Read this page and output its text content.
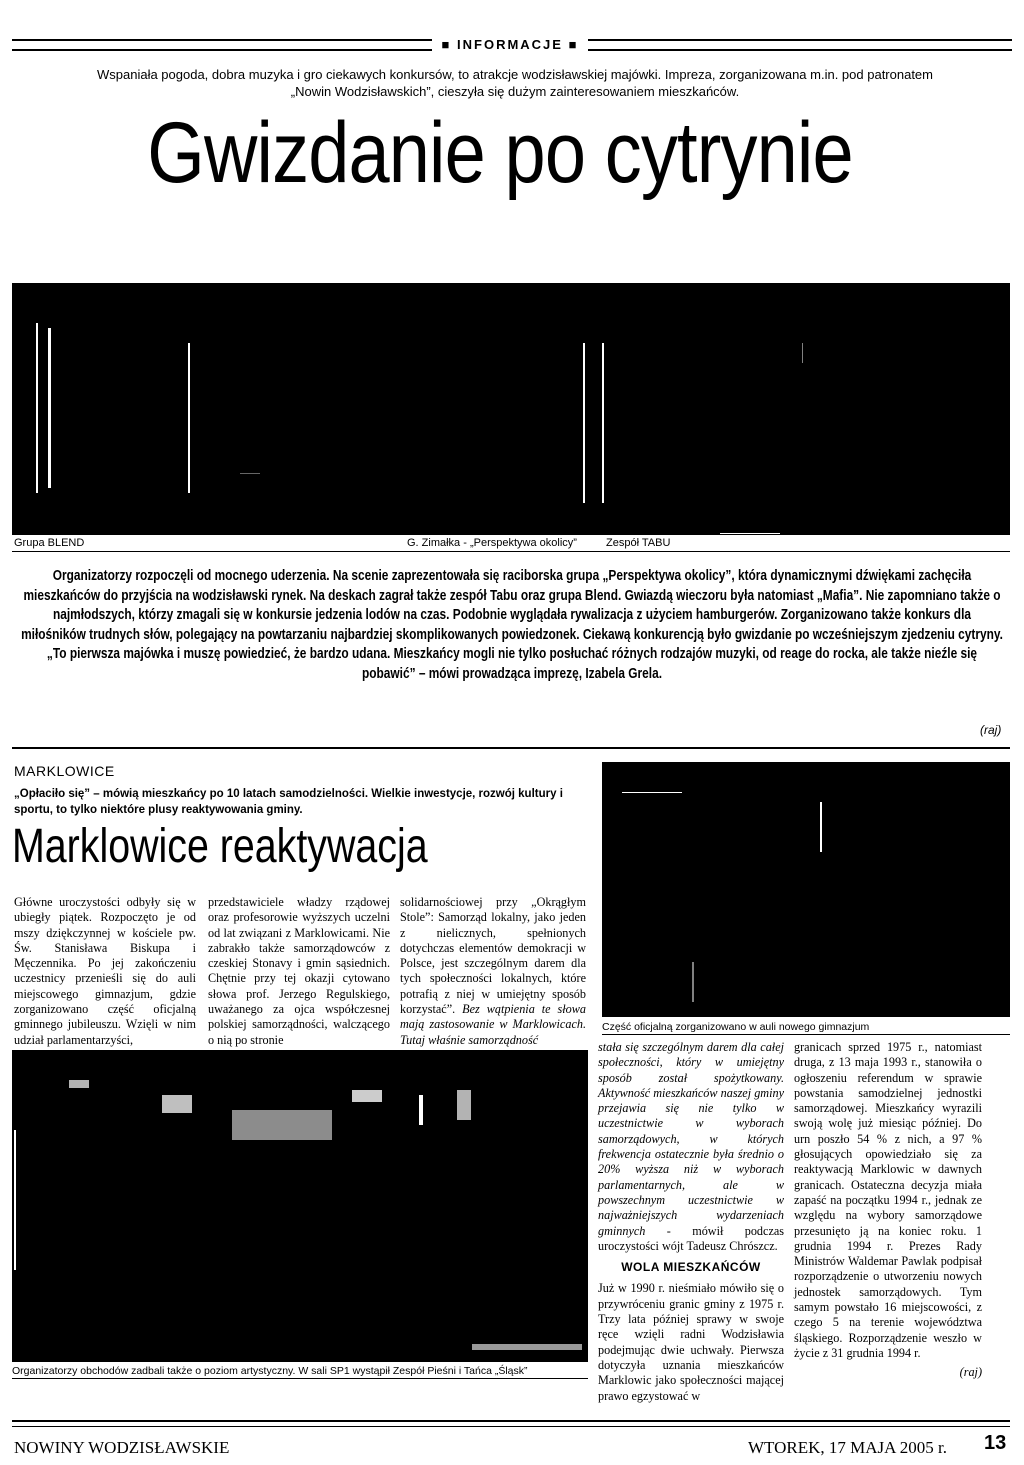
■ INFORMACJE ■
Wspaniała pogoda, dobra muzyka i gro ciekawych konkursów, to atrakcje wodzisławskiej majówki. Impreza, zorganizowana m.in. pod patronatem „Nowin Wodzisławskich”, cieszyła się dużym zainteresowaniem mieszkańców.
Gwizdanie po cytrynie
Grupa BLEND	G. Zimałka - „Perspektywa okolicy”	Zespół TABU
Organizatorzy rozpoczęli od mocnego uderzenia. Na scenie zaprezentowała się raciborska grupa „Perspektywa okolicy”, która dynamicznymi dźwiękami zachęciła mieszkańców do przyjścia na wodzisławski rynek. Na deskach zagrał także zespół Tabu oraz grupa Blend. Gwiazdą wieczoru była natomiast „Mafia”. Nie zapomniano także o najmłodszych, którzy zmagali się w konkursie jedzenia lodów na czas. Podobnie wyglądała rywalizacja z użyciem hamburgerów. Zorganizowano także konkurs dla miłośników trudnych słów, polegający na powtarzaniu najbardziej skomplikowanych powiedzonek. Ciekawą konkurencją było gwizdanie po wcześniejszym zjedzeniu cytryny. „To pierwsza majówka i muszę powiedzieć, że bardzo udana. Mieszkańcy mogli nie tylko posłuchać różnych rodzajów muzyki, od reage do rocka, ale także nieźle się pobawić” – mówi prowadząca imprezę, Izabela Grela.
(raj)
MARKLOWICE
„Opłaciło się” – mówią mieszkańcy po 10 latach samodzielności. Wielkie inwestycje, rozwój kultury i sportu, to tylko niektóre plusy reaktywowania gminy.
Marklowice reaktywacja
Główne uroczystości odbyły się w ubiegły piątek. Rozpoczęto je od mszy dziękczynnej w kościele pw. Św. Stanisława Biskupa i Męczennika. Po jej zakończeniu uczestnicy przenieśli się do auli miejscowego gimnazjum, gdzie zorganizowano część oficjalną gminnego jubileuszu. Wzięli w nim udział parlamentarzyści,
przedstawiciele władzy rządowej oraz profesorowie wyższych uczelni od lat związani z Marklowicami. Nie zabrakło także samorządowców z czeskiej Stonavy i gmin sąsiednich. Chętnie przy tej okazji cytowano słowa prof. Jerzego Regulskiego, uważanego za ojca współczesnej polskiej samorządności, walczącego o nią po stronie
solidarnościowej przy „Okrągłym Stole”: Samorząd lokalny, jako jeden z nielicznych, spełnionych dotychczas elementów demokracji w Polsce, jest szczególnym darem dla tych społeczności lokalnych, które potrafią z niej w umiejętny sposób korzystać”. Bez wątpienia te słowa mają zastosowanie w Marklowicach. Tutaj właśnie samorządność
Część oficjalną zorganizowano w auli nowego gimnazjum
stała się szczególnym darem dla całej społeczności, który w umiejętny sposób został spożytkowany. Aktywność mieszkańców naszej gminy przejawia się nie tylko w uczestnictwie w wyborach samorządowych, w których frekwencja ostatecznie była średnio o 20% wyższa niż w wyborach parlamentarnych, ale w powszechnym uczestnictwie w najważniejszych wydarzeniach gminnych - mówił podczas uroczystości wójt Tadeusz Chrószcz.
WOLA MIESZKAŃCÓW
Już w 1990 r. nieśmiało mówiło się o przywróceniu granic gminy z 1975 r. Trzy lata później sprawy w swoje ręce wzięli radni Wodzisławia podejmując dwie uchwały. Pierwsza dotyczyła uznania mieszkańców Marklowic jako społeczności mającej prawo egzystować w
granicach sprzed 1975 r., natomiast druga, z 13 maja 1993 r., stanowiła o ogłoszeniu referendum w sprawie powstania samodzielnej jednostki samorządowej. Mieszkańcy wyrazili swoją wolę już miesiąc później. Do urn poszło 54 % z nich, a 97 % głosujących opowiedziało się za reaktywacją Marklowic w dawnych granicach. Ostateczna decyzja miała zapaść na początku 1994 r., jednak ze względu na wybory samorządowe przesunięto ją na koniec roku. 1 grudnia 1994 r. Prezes Rady Ministrów Waldemar Pawlak podpisał rozporządzenie o utworzeniu nowych jednostek samorządowych. Tym samym powstało 16 miejscowości, z czego 5 na terenie województwa śląskiego. Rozporządzenie weszło w życie z 31 grudnia 1994 r.
(raj)
Organizatorzy obchodów zadbali także o poziom artystyczny. W sali SP1 wystąpił Zespół Pieśni i Tańca „Śląsk”
NOWINY WODZISŁAWSKIE	WTOREK, 17 MAJA 2005 r. 13
